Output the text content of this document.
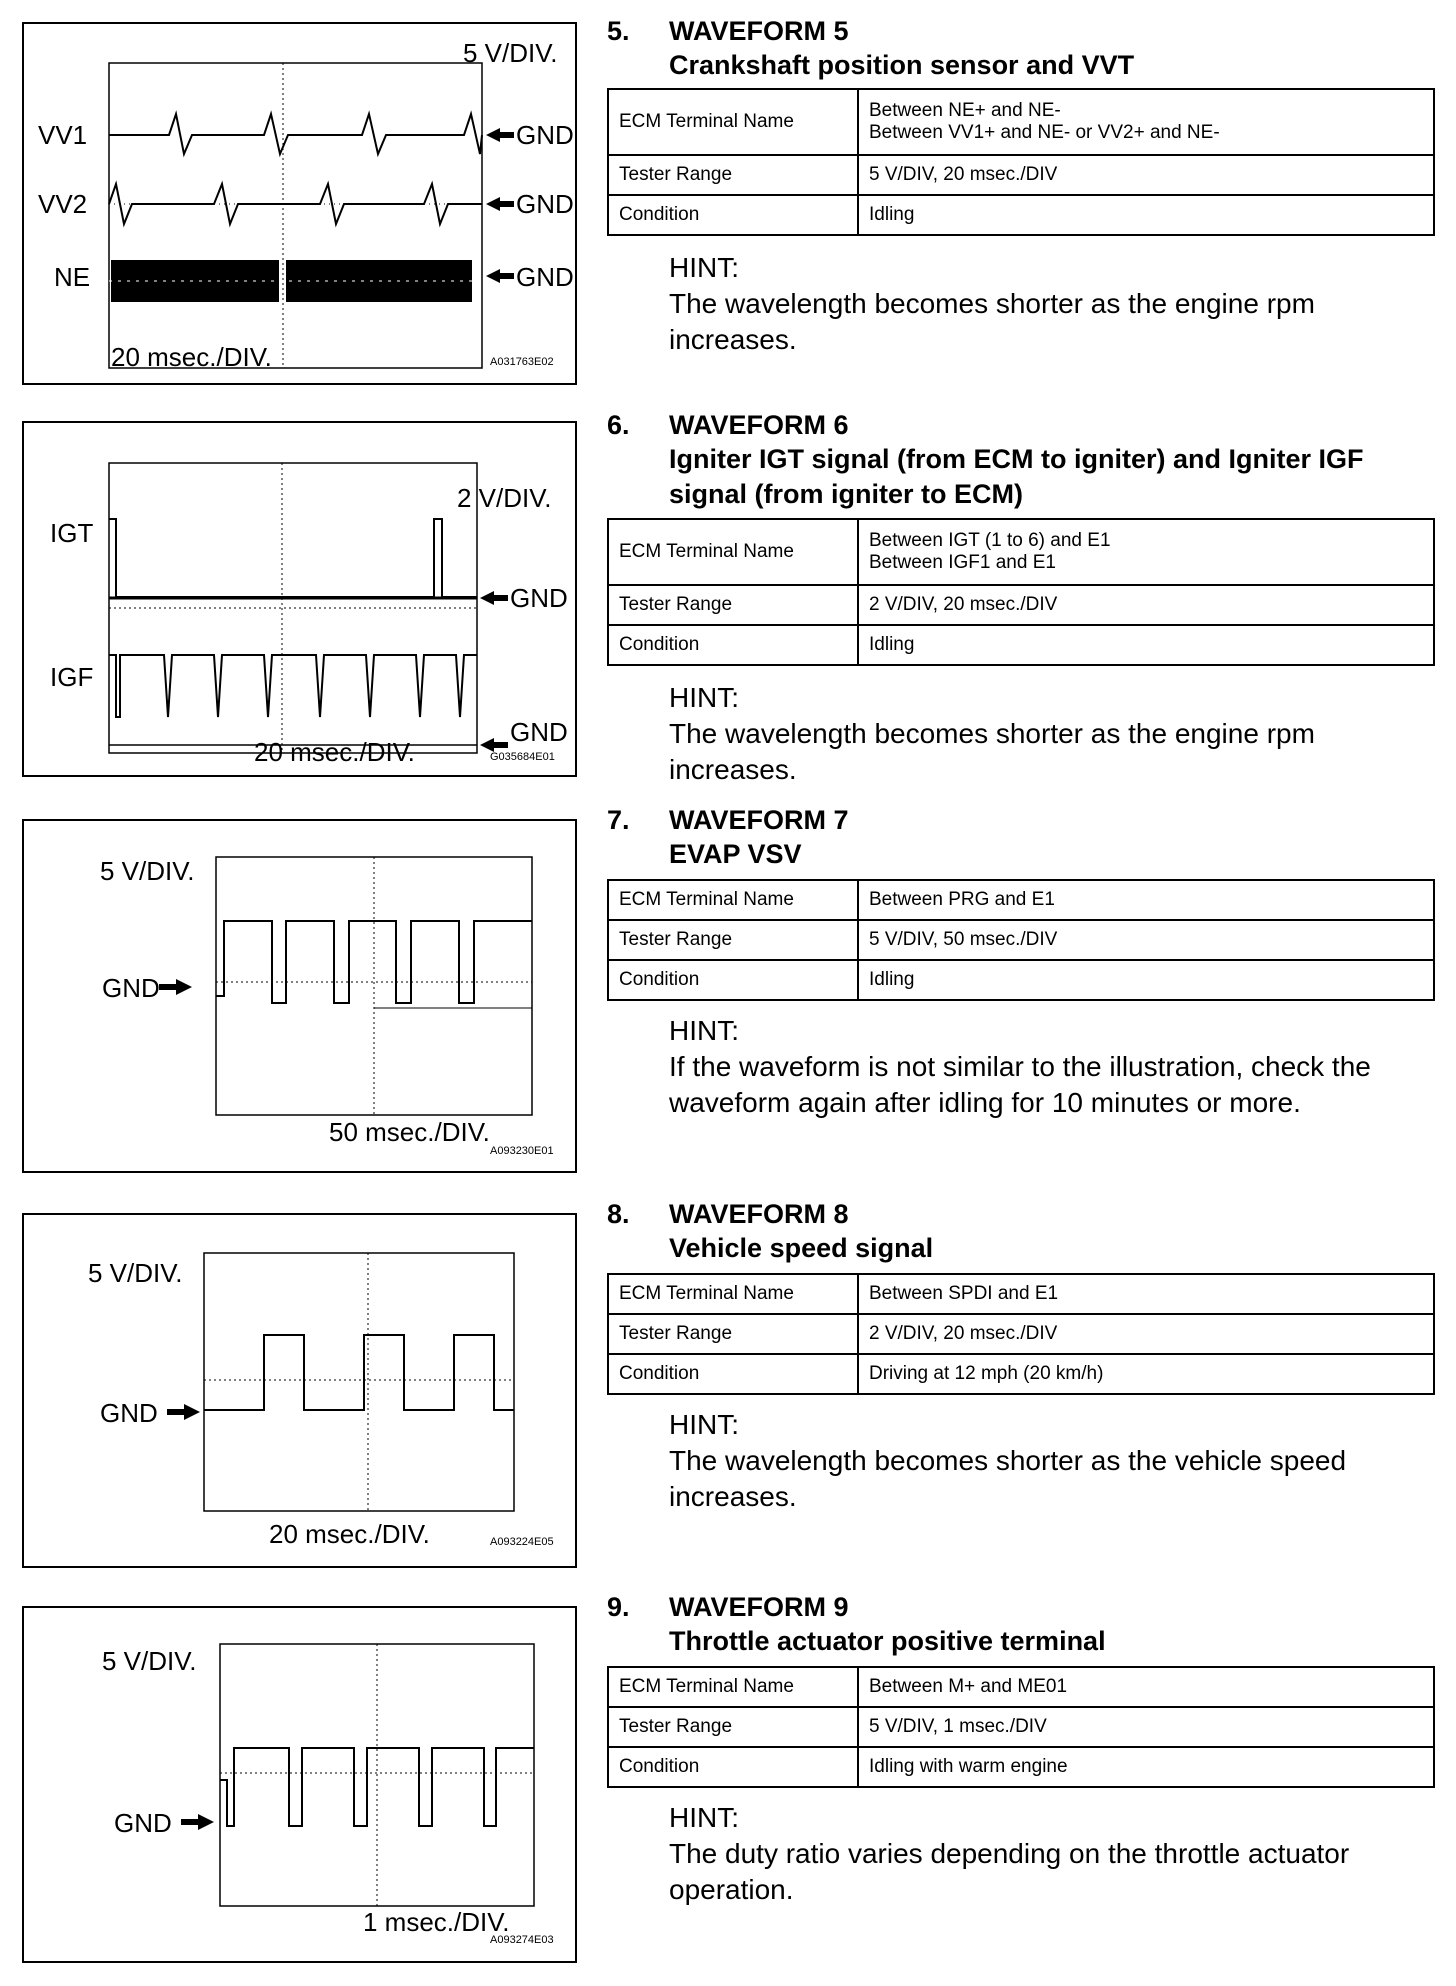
5 V/DIV.
VV1
VV2
NE
GND
GND
GND
20 msec./DIV.	A031763E02
2 V/DIV.
IGT
IGF
GND
GND
20 msec./DIV.	G035684E01
5 V/DIV.
GND
50 msec./DIV.
A093230E01
5 V/DIV.
GND
20 msec./DIV.	A093224E05
5 V/DIV.
GND
1 msec./DIV.
A093274E03
5. WAVEFORM 5
Crankshaft position sensor and VVT
ECM Terminal Name	Between NE+ and NE-
Between VV1+ and NE- or VV2+ and NE-

Tester Range	5 V/DIV, 20 msec./DIV
Condition	Idling
HINT:
The wavelength becomes shorter as the engine rpm increases.
6. WAVEFORM 6
Igniter IGT signal (from ECM to igniter) and Igniter IGF signal (from igniter to ECM)
ECM Terminal Name	Between IGT (1 to 6) and E1
Between IGF1 and E1

Tester Range	2 V/DIV, 20 msec./DIV
Condition	Idling
HINT:
The wavelength becomes shorter as the engine rpm increases.
7. WAVEFORM 7
EVAP VSV
ECM Terminal Name	Between PRG and E1
Tester Range	5 V/DIV, 50 msec./DIV
Condition	Idling
HINT:
If the waveform is not similar to the illustration, check the waveform again after idling for 10 minutes or more.
8. WAVEFORM 8
Vehicle speed signal
ECM Terminal Name	Between SPDI and E1
Tester Range	2 V/DIV, 20 msec./DIV
Condition	Driving at 12 mph (20 km/h)
HINT:
The wavelength becomes shorter as the vehicle speed increases.
9. WAVEFORM 9
Throttle actuator positive terminal
ECM Terminal Name	Between M+ and ME01
Tester Range	5 V/DIV, 1 msec./DIV
Condition	Idling with warm engine
HINT:
The duty ratio varies depending on the throttle actuator operation.
